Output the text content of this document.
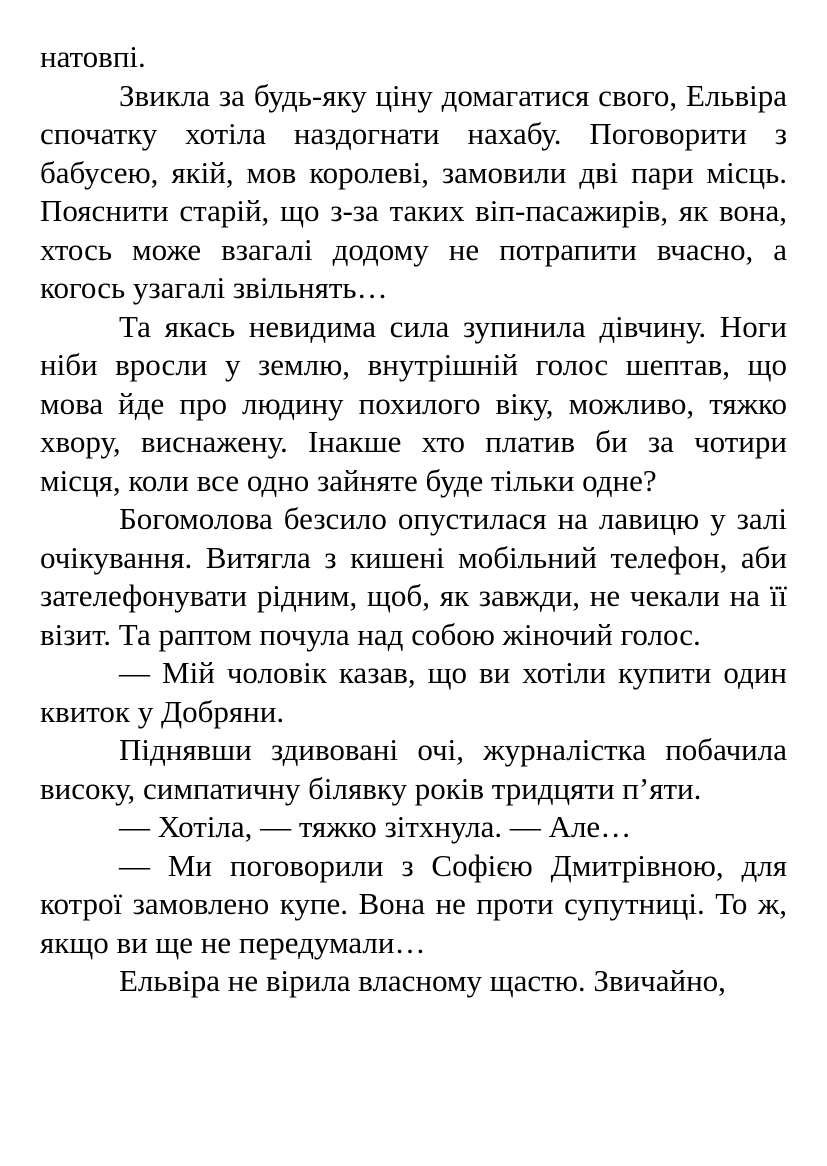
натовпі.

Звикла за будь-яку ціну домагатися свого, Ельвіра спочатку хотіла наздогнати нахабу. Поговорити з бабусею, якій, мов королеві, замовили дві пари місць. Пояснити старій, що з-за таких віп-пасажирів, як вона, хтось може взагалі додому не потрапити вчасно, а когось узагалі звільнять…

Та якась невидима сила зупинила дівчину. Ноги ніби вросли у землю, внутрішній голос шептав, що мова йде про людину похилого віку, можливо, тяжко хвору, виснажену. Інакше хто платив би за чотири місця, коли все одно зайняте буде тільки одне?

Богомолова безсило опустилася на лавицю у залі очікування. Витягла з кишені мобільний телефон, аби зателефонувати рідним, щоб, як завжди, не чекали на її візит. Та раптом почула над собою жіночий голос.

— Мій чоловік казав, що ви хотіли купити один квиток у Добряни.

Піднявши здивовані очі, журналістка побачила високу, симпатичну білявку років тридцяти п’яти.

— Хотіла, — тяжко зітхнула. — Але…

— Ми поговорили з Софією Дмитрівною, для котрої замовлено купе. Вона не проти супутниці. То ж, якщо ви ще не передумали…

Ельвіра не вірила власному щастю. Звичайно,
